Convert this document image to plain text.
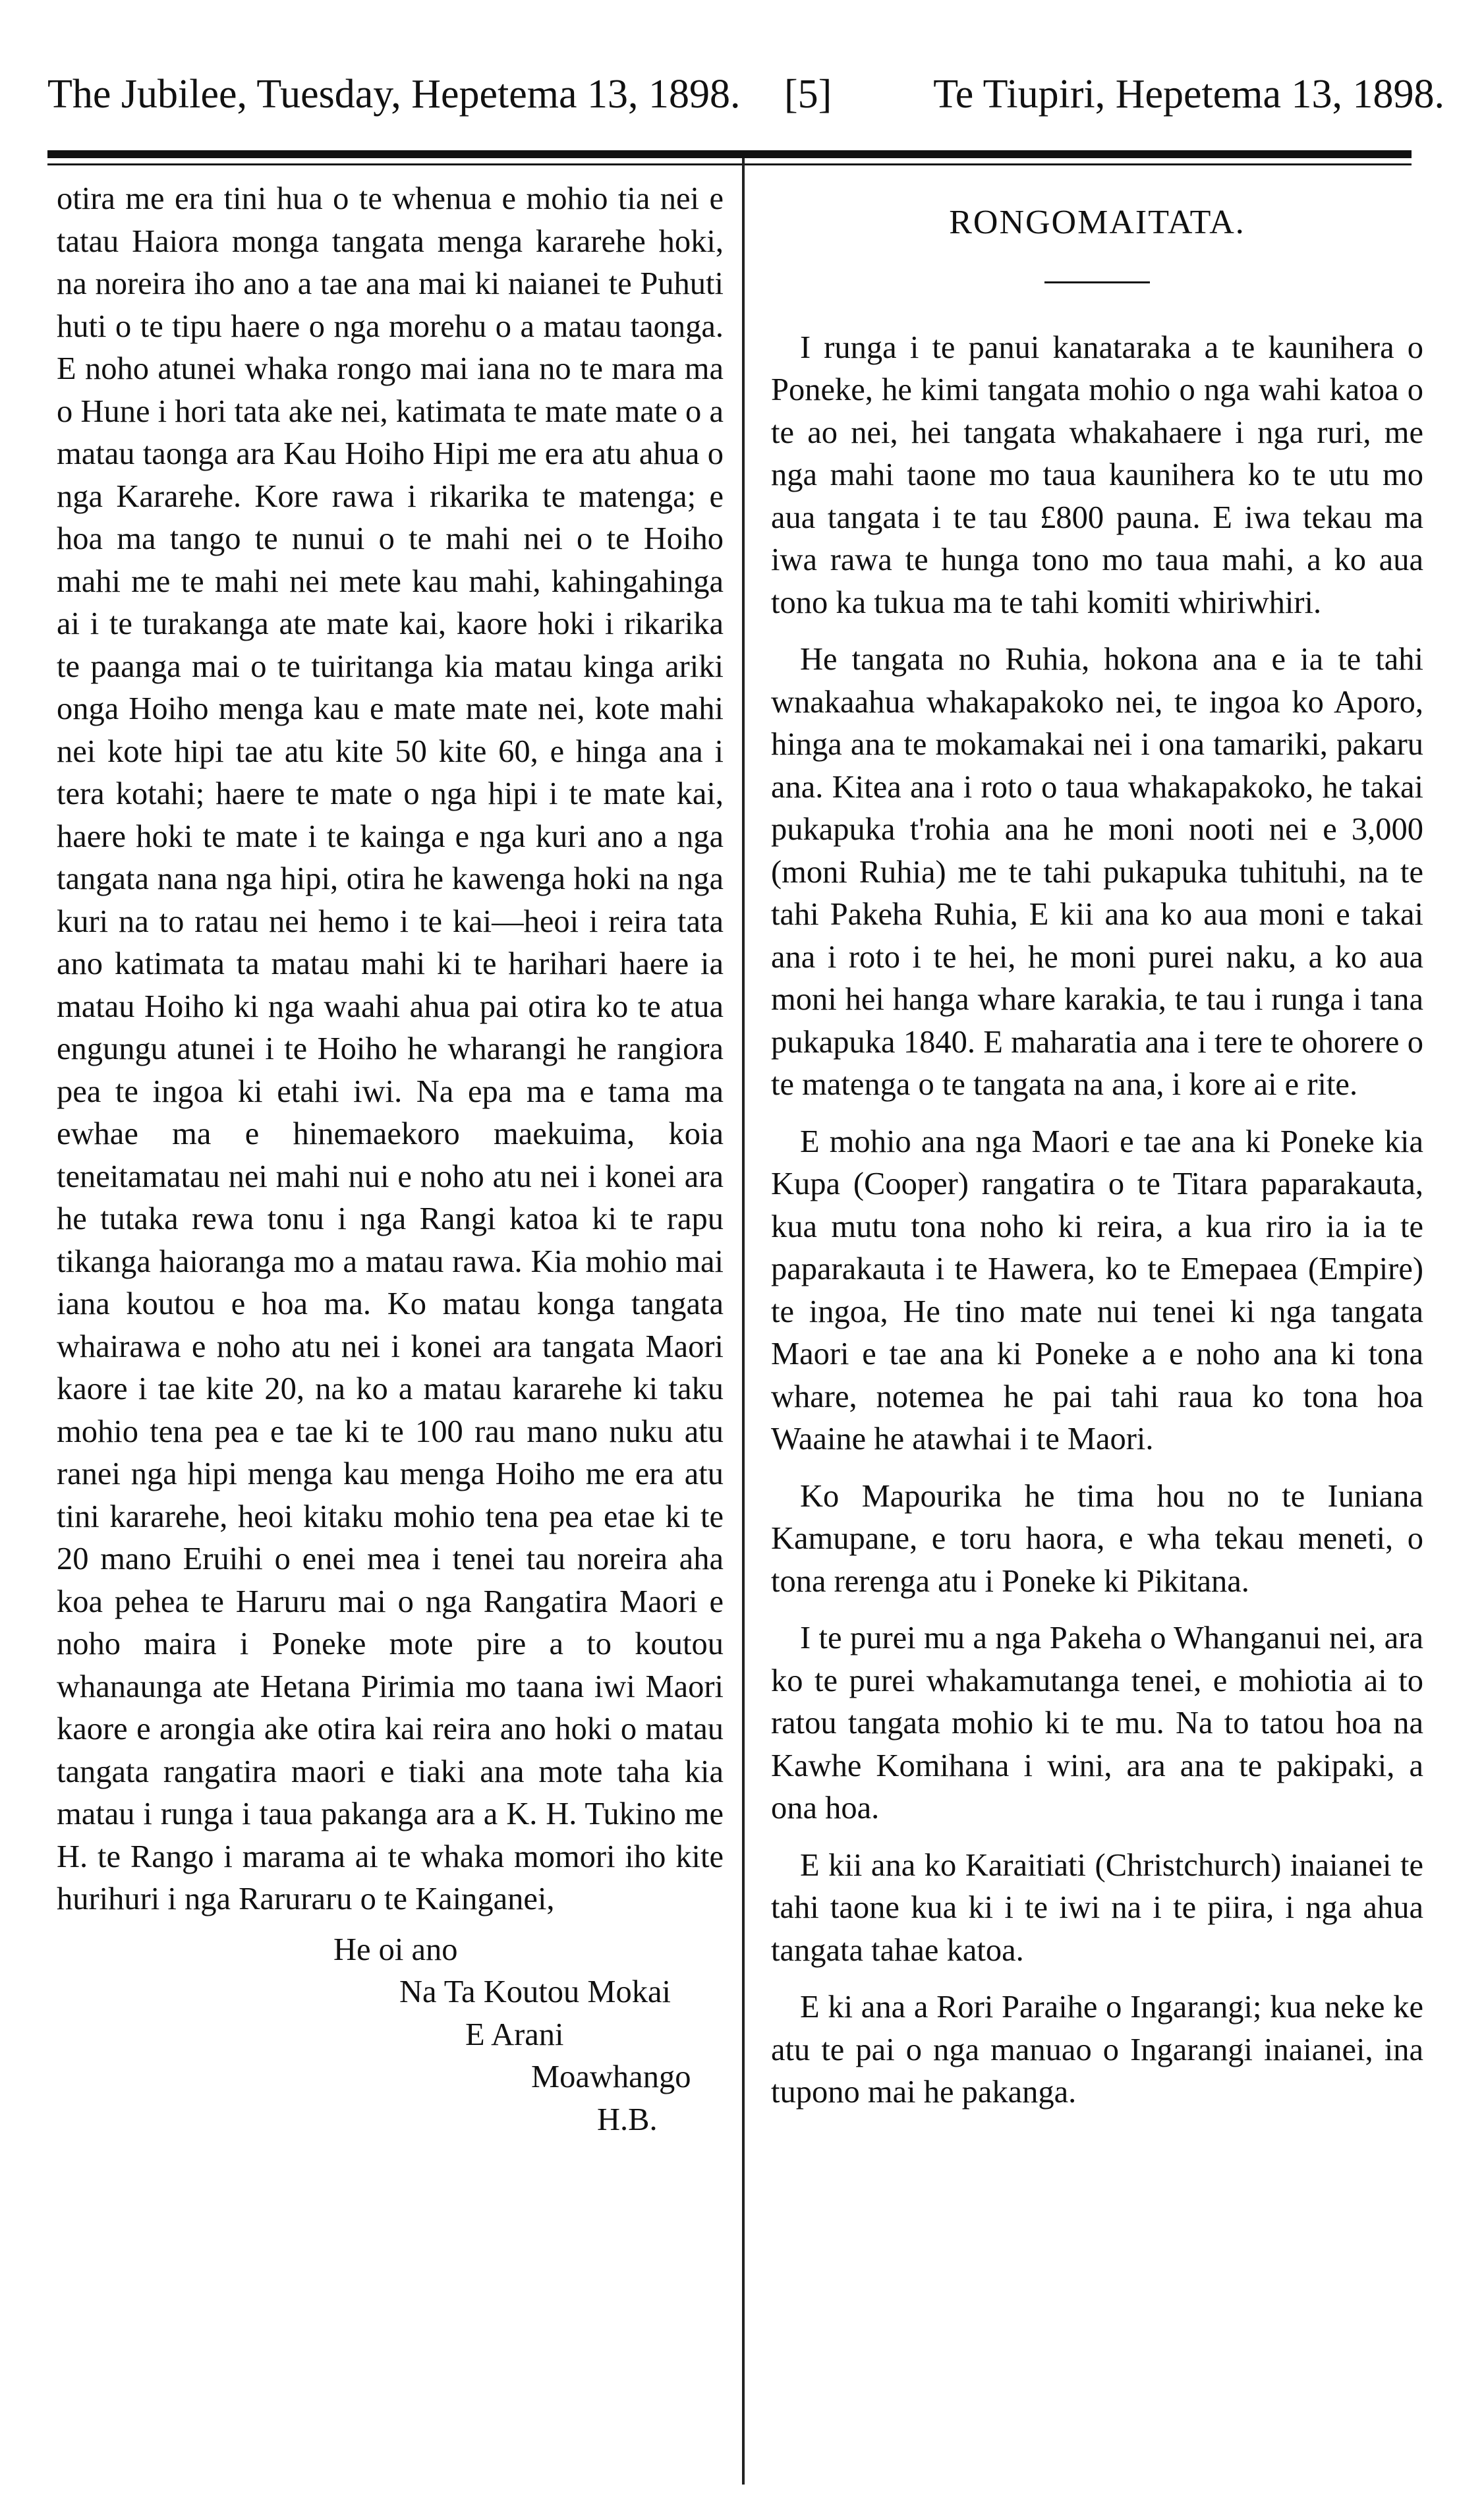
The Jubilee, Tuesday, Hepetema 13, 1898. [5] Te Tiupiri, Hepetema 13, 1898.

otira me era tini hua o te whenua e mohio tia nei e tatau Haiora monga tangata menga kararehe hoki, na noreira iho ano a tae ana mai ki naianei te Puhuti huti o te tipu haere o nga morehu o a matau taonga. E noho atunei whaka rongo mai iana no te mara ma o Hune i hori tata ake nei, katimata te mate mate o a matau taonga ara Kau Hoiho Hipi me era atu ahua o nga Kararehe. Kore rawa i rikarika te matenga; e hoa ma tango te nunui o te mahi nei o te Hoiho mahi me te mahi nei mete kau mahi, kahingahinga ai i te turakanga ate mate kai, kaore hoki i rikarika te paanga mai o te tuiritanga kia matau kinga ariki onga Hoiho menga kau e mate mate nei, kote mahi nei kote hipi tae atu kite 50 kite 60, e hinga ana i tera kotahi; haere te mate o nga hipi i te mate kai, haere hoki te mate i te kainga e nga kuri ano a nga tangata nana nga hipi, otira he kawenga hoki na nga kuri na to ratau nei hemo i te kai—heoi i reira tata ano katimata ta matau mahi ki te harihari haere ia matau Hoiho ki nga waahi ahua pai otira ko te atua engungu atunei i te Hoiho he wharangi he rangiora pea te ingoa ki etahi iwi. Na epa ma e tama ma ewhae ma e hinemaekoro maekuima, koia teneitamatau nei mahi nui e noho atu nei i konei ara he tutaka rewa tonu i nga Rangi katoa ki te rapu tikanga haioranga mo a matau rawa. Kia mohio mai iana koutou e hoa ma. Ko matau konga tangata whairawa e noho atu nei i konei ara tangata Maori kaore i tae kite 20, na ko a matau kararehe ki taku mohio tena pea e tae ki te 100 rau mano nuku atu ranei nga hipi menga kau menga Hoiho me era atu tini kararehe, heoi kitaku mohio tena pea etae ki te 20 mano Eruihi o enei mea i tenei tau noreira aha koa pehea te Haruru mai o nga Rangatira Maori e noho maira i Poneke mote pire a to koutou whanaunga ate Hetana Pirimia mo taana iwi Maori kaore e arongia ake otira kai reira ano hoki o matau tangata rangatira maori e tiaki ana mote taha kia matau i runga i taua pakanga ara a K. H. Tukino me H. te Rango i marama ai te whaka momori iho kite hurihuri i nga Raruraru o te Kainganei,

He oi ano
Na Ta Koutou Mokai
E Arani
Moawhango
H.B.

RONGOMAITATA.

I runga i te panui kanataraka a te kaunihera o Poneke, he kimi tangata mohio o nga wahi katoa o te ao nei, hei tangata whakahaere i nga ruri, me nga mahi taone mo taua kaunihera ko te utu mo aua tangata i te tau £800 pauna. E iwa tekau ma iwa rawa te hunga tono mo taua mahi, a ko aua tono ka tukua ma te tahi komiti whiriwhiri.

He tangata no Ruhia, hokona ana e ia te tahi wnakaahua whakapakoko nei, te ingoa ko Aporo, hinga ana te mokamakai nei i ona tamariki, pakaru ana. Kitea ana i roto o taua whakapakoko, he takai pukapuka t'rohia ana he moni nooti nei e 3,000 (moni Ruhia) me te tahi pukapuka tuhituhi, na te tahi Pakeha Ruhia, E kii ana ko aua moni e takai ana i roto i te hei, he moni purei naku, a ko aua moni hei hanga whare karakia, te tau i runga i tana pukapuka 1840. E maharatia ana i tere te ohorere o te matenga o te tangata na ana, i kore ai e rite.

E mohio ana nga Maori e tae ana ki Poneke kia Kupa (Cooper) rangatira o te Titara paparakauta, kua mutu tona noho ki reira, a kua riro ia ia te paparakauta i te Hawera, ko te Emepaea (Empire) te ingoa, He tino mate nui tenei ki nga tangata Maori e tae ana ki Poneke a e noho ana ki tona whare, notemea he pai tahi raua ko tona hoa Waaine he atawhai i te Maori.

Ko Mapourika he tima hou no te Iuniana Kamupane, e toru haora, e wha tekau meneti, o tona rerenga atu i Poneke ki Pikitana.

I te purei mu a nga Pakeha o Whanganui nei, ara ko te purei whakamutanga tenei, e mohiotia ai to ratou tangata mohio ki te mu. Na to tatou hoa na Kawhe Komihana i wini, ara ana te pakipaki, a ona hoa.

E kii ana ko Karaitiati (Christchurch) inaianei te tahi taone kua ki i te iwi na i te piira, i nga ahua tangata tahae katoa.

E ki ana a Rori Paraihe o Ingarangi; kua neke ke atu te pai o nga manuao o Ingarangi inaianei, ina tupono mai he pakanga.
